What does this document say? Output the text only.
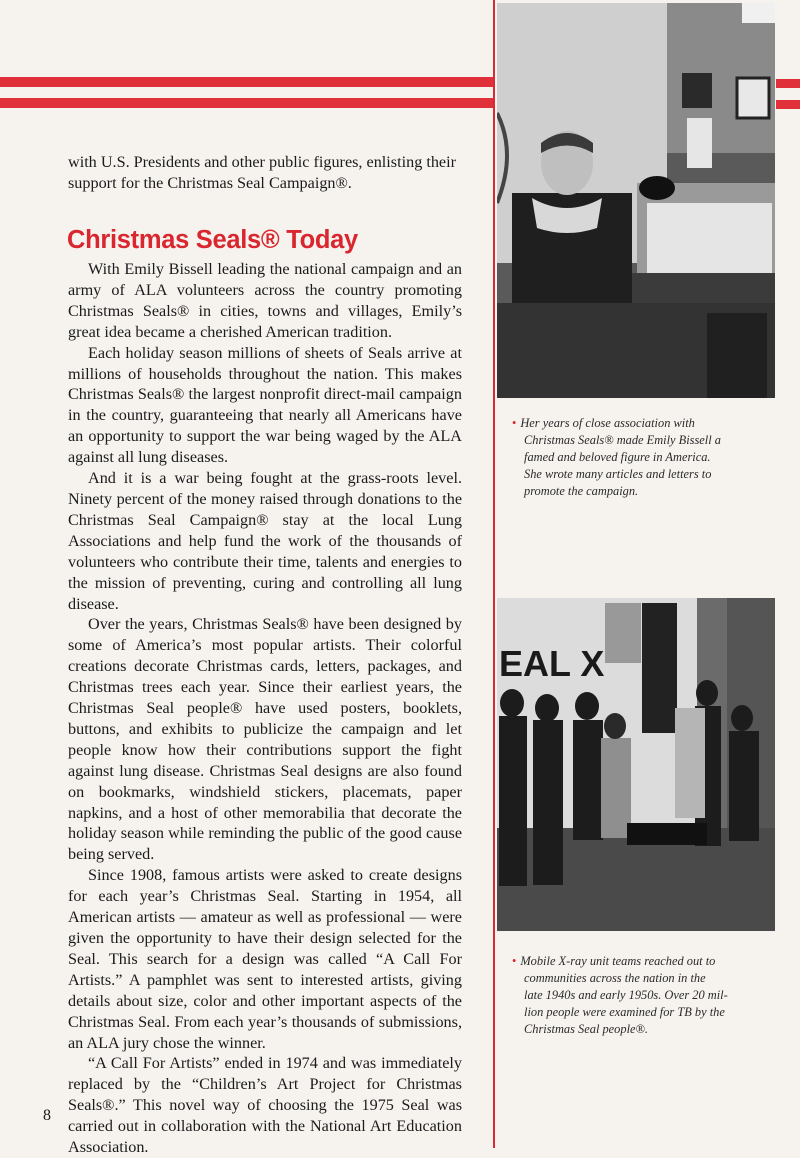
with U.S. Presidents and other public figures, enlisting their support for the Christmas Seal Campaign®.
Christmas Seals® Today

With Emily Bissell leading the national campaign and an army of ALA volunteers across the country promoting Christmas Seals® in cities, towns and villages, Emily’s great idea became a cherished American tradition.

Each holiday season millions of sheets of Seals arrive at millions of households throughout the nation. This makes Christmas Seals® the largest nonprofit direct-mail campaign in the country, guaranteeing that nearly all Americans have an opportunity to support the war being waged by the ALA against all lung diseases.

And it is a war being fought at the grass-roots level. Ninety percent of the money raised through donations to the Christmas Seal Campaign® stay at the local Lung Associations and help fund the work of the thousands of volunteers who contribute their time, talents and energies to the mission of preventing, curing and controlling all lung disease.

Over the years, Christmas Seals® have been designed by some of America’s most popular artists. Their colorful creations decorate Christmas cards, letters, packages, and Christmas trees each year. Since their earliest years, the Christmas Seal people® have used posters, booklets, buttons, and exhibits to publicize the campaign and let people know how their contributions support the fight against lung disease. Christmas Seal designs are also found on bookmarks, windshield stickers, placemats, paper napkins, and a host of other memorabilia that decorate the holiday season while reminding the public of the good cause being served.

Since 1908, famous artists were asked to create designs for each year’s Christmas Seal. Starting in 1954, all American artists — amateur as well as professional — were given the opportunity to have their design selected for the Seal. This search for a design was called “A Call For Artists.” A pamphlet was sent to interested artists, giving details about size, color and other important aspects of the Christmas Seal. From each year’s thousands of submissions, an ALA jury chose the winner.

“A Call For Artists” ended in 1974 and was immediately replaced by the “Children’s Art Project for Christmas Seals®.” This novel way of choosing the 1975 Seal was carried out in collaboration with the National Art Education Association.

8
• Her years of close association with
Christmas Seals® made Emily Bissell a
famed and beloved figure in America.
She wrote many articles and letters to
promote the campaign.
EAL X
• Mobile X-ray unit teams reached out to
communities across the nation in the
late 1940s and early 1950s. Over 20 mil-
lion people were examined for TB by the
Christmas Seal people®.
